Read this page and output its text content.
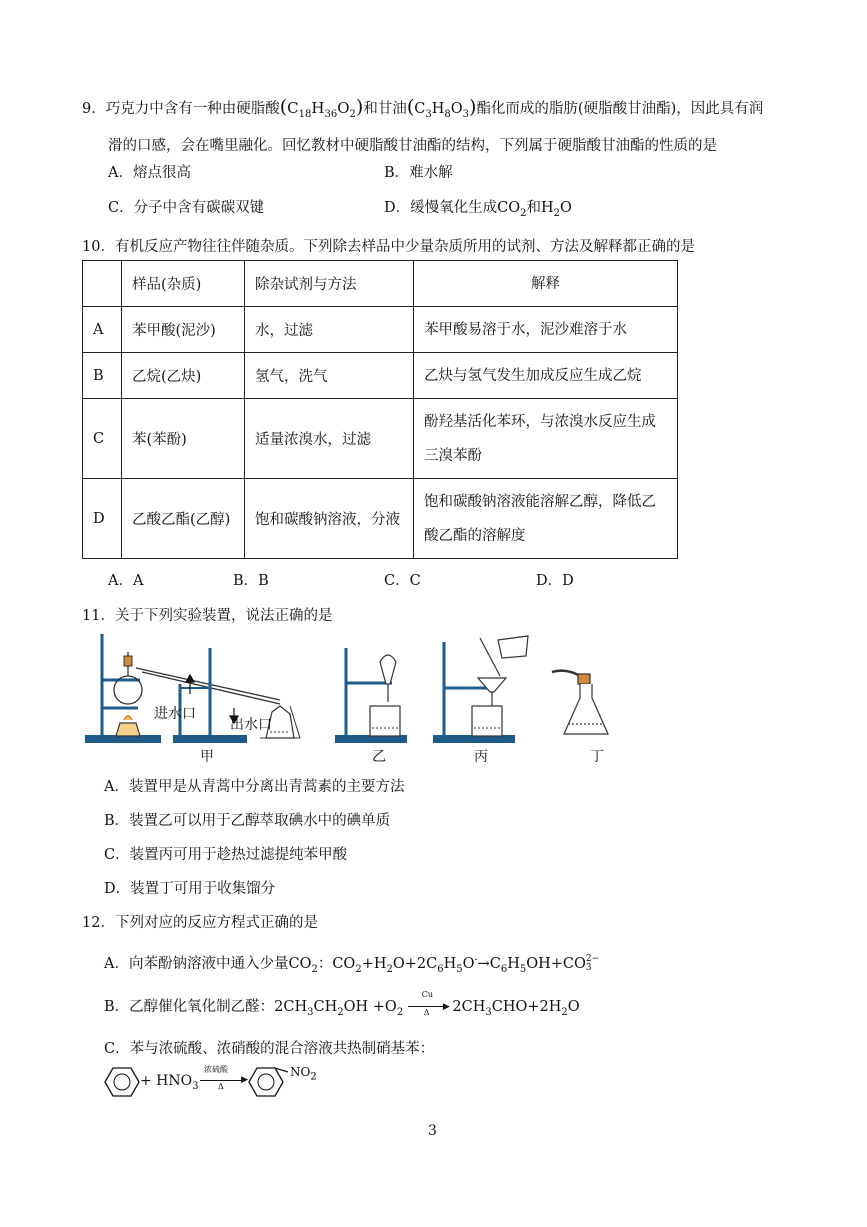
9．巧克力中含有一种由硬脂酸$(C_{18}H_{36}O_2)$和甘油$(C_3H_8O_3)$酯化而成的脂肪(硬脂酸甘油酯)，因此具有润
滑的口感，会在嘴里融化。回忆教材中硬脂酸甘油酯的结构，下列属于硬脂酸甘油酯的性质的是
A．熔点很高	B．难水解
C．分子中含有碳碳双键	D．缓慢氧化生成$CO_2$和$H_2O$
10．有机反应产物往往伴随杂质。下列除去样品中少量杂质所用的试剂、方法及解释都正确的是
	样品(杂质)	除杂试剂与方法	解释
A	苯甲酸(泥沙)	水，过滤	苯甲酸易溶于水，泥沙难溶于水
B	乙烷(乙炔)	氢气，洗气	乙炔与氢气发生加成反应生成乙烷
C	苯(苯酚)	适量浓溴水，过滤	酚羟基活化苯环，与浓溴水反应生成
三溴苯酚

D	乙酸乙酯(乙醇)	饱和碳酸钠溶液，分液	饱和碳酸钠溶液能溶解乙醇，降低乙
酸乙酯的溶解度
A．A	B．B	C．C	D．D
11．关于下列实验装置，说法正确的是
进水口
出水口
甲	乙	丙	丁
A．装置甲是从青蒿中分离出青蒿素的主要方法
B．装置乙可以用于乙醇萃取碘水中的碘单质
C．装置丙可用于趁热过滤提纯苯甲酸
D．装置丁可用于收集馏分
12．下列对应的反应方程式正确的是
A．向苯酚钠溶液中通入少量$CO_2$：$CO_2+H_2O+2C_6H_5O^-\to C_6H_5OH+CO$ 2−
3
B．乙醇催化氧化制乙醛：$2CH_3CH_2OH +O_2$
Cu
▶
Δ $2CH_3CHO+2H_2O$
C．苯与浓硫酸、浓硝酸的混合溶液共热制硝基苯：
+ $HNO_3$
浓硫酸
▶
Δ
$NO_2$
3
